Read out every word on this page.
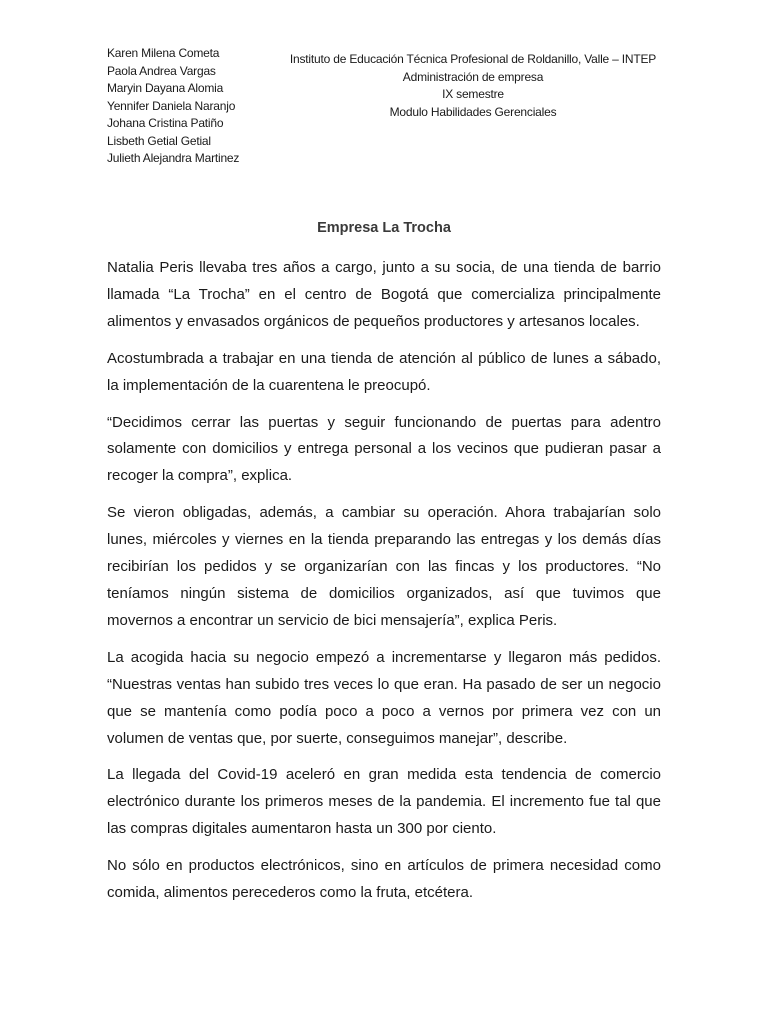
Karen Milena Cometa
Paola Andrea Vargas
Maryin Dayana Alomia
Yennifer Daniela Naranjo
Johana Cristina Patiño
Lisbeth Getial Getial
Julieth Alejandra Martinez
Instituto de Educación Técnica Profesional de Roldanillo, Valle – INTEP
Administración de empresa
IX semestre
Modulo Habilidades Gerenciales
Empresa La Trocha

Natalia Peris llevaba tres años a cargo, junto a su socia, de una tienda de barrio llamada “La Trocha” en el centro de Bogotá que comercializa principalmente alimentos y envasados orgánicos de pequeños productores y artesanos locales.

Acostumbrada a trabajar en una tienda de atención al público de lunes a sábado, la implementación de la cuarentena le preocupó.

“Decidimos cerrar las puertas y seguir funcionando de puertas para adentro solamente con domicilios y entrega personal a los vecinos que pudieran pasar a recoger la compra”, explica.

Se vieron obligadas, además, a cambiar su operación. Ahora trabajarían solo lunes, miércoles y viernes en la tienda preparando las entregas y los demás días recibirían los pedidos y se organizarían con las fincas y los productores. “No teníamos ningún sistema de domicilios organizados, así que tuvimos que movernos a encontrar un servicio de bici mensajería”, explica Peris.

La acogida hacia su negocio empezó a incrementarse y llegaron más pedidos. “Nuestras ventas han subido tres veces lo que eran. Ha pasado de ser un negocio que se mantenía como podía poco a poco a vernos por primera vez con un volumen de ventas que, por suerte, conseguimos manejar”, describe.

La llegada del Covid-19 aceleró en gran medida esta tendencia de comercio electrónico durante los primeros meses de la pandemia. El incremento fue tal que las compras digitales aumentaron hasta un 300 por ciento.

No sólo en productos electrónicos, sino en artículos de primera necesidad como comida, alimentos perecederos como la fruta, etcétera.
